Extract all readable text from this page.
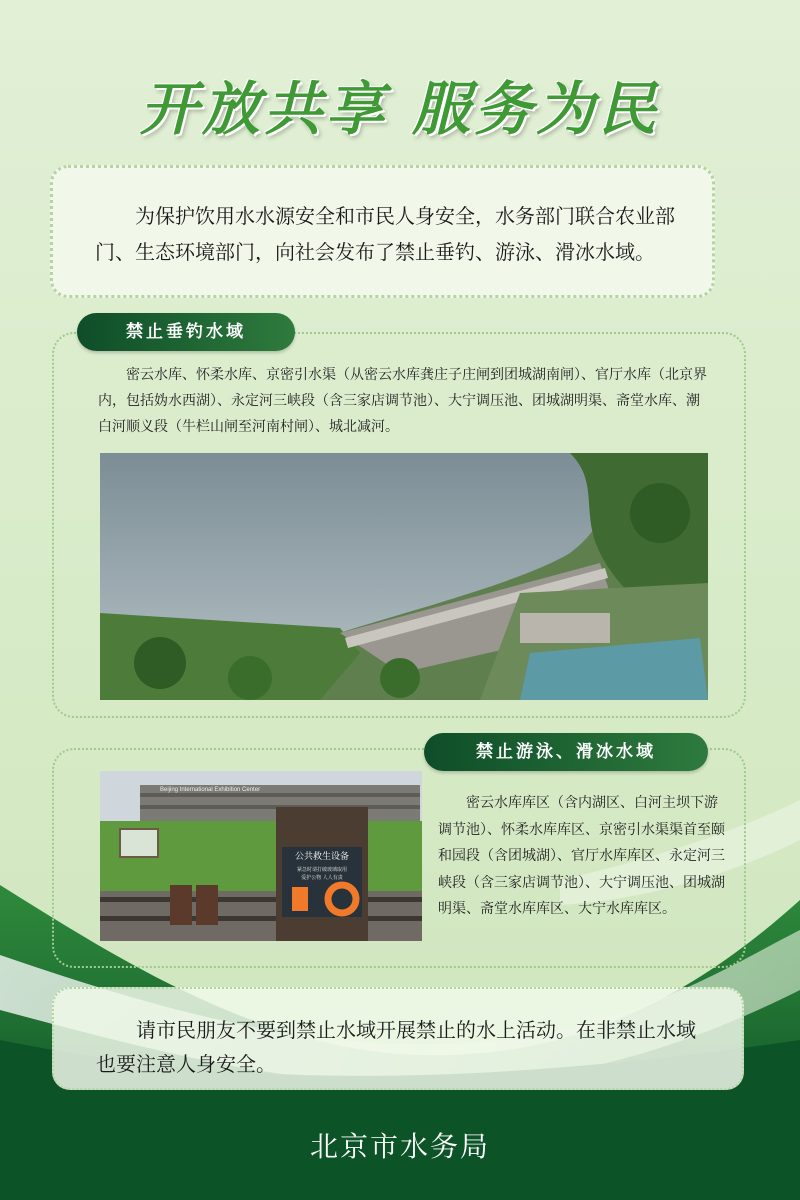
开放共享 服务为民

为保护饮用水水源安全和市民人身安全，水务部门联合农业部门、生态环境部门，向社会发布了禁止垂钓、游泳、滑冰水域。

禁止垂钓水域

密云水库、怀柔水库、京密引水渠（从密云水库龚庄子庄闸到团城湖南闸）、官厅水库（北京界内，包括妫水西湖）、永定河三峡段（含三家店调节池）、大宁调压池、团城湖明渠、斋堂水库、潮白河顺义段（牛栏山闸至河南村闸）、城北减河。

禁止游泳、滑冰水域

密云水库库区（含内湖区、白河主坝下游调节池）、怀柔水库库区、京密引水渠渠首至颐和园段（含团城湖）、官厅水库库区、永定河三峡段（含三家店调节池）、大宁调压池、团城湖明渠、斋堂水库库区、大宁水库库区。

Beijing International Exhibition Center
公共救生设备
紧急时请打破玻璃取用
爱护公物 人人有责

请市民朋友不要到禁止水域开展禁止的水上活动。在非禁止水域也要注意人身安全。

北京市水务局
